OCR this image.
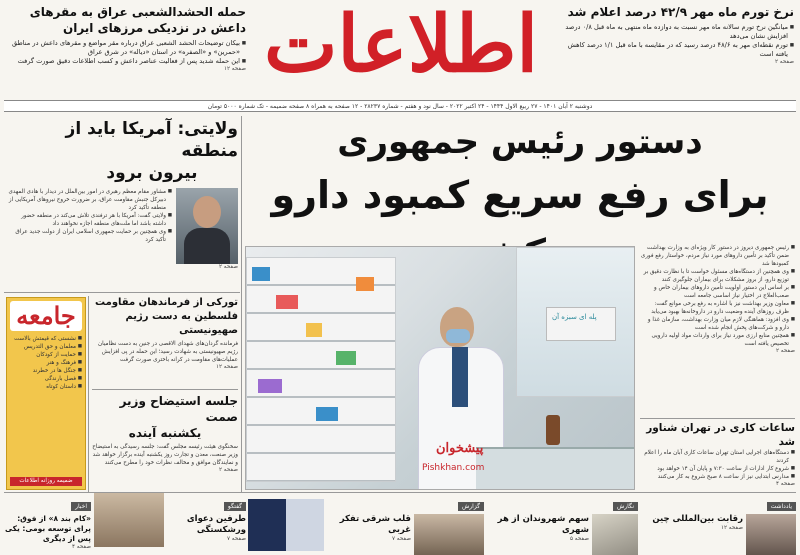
اطلاعات	نرخ تورم ماه مهر ۴۲/۹ درصد اعلام شد
■ میانگین نرخ تورم سالانه ماه مهر نسبت به دوازده ماه منتهی به ماه قبل ۰/۸ درصد افزایش نشان می‌دهد
■ تورم نقطه‌ای مهر به ۴۸/۶ درصد رسید که در مقایسه با ماه قبل ۱/۱ درصد کاهش یافته است
صفحه ۲
حمله الحشدالشعبی عراق به مقرهای داعش در نزدیکی مرزهای ایران
■ بیکان توضیحات الحشد الشعبی عراق درباره مقر مواضع و مقرهای داعش در مناطق «حمرین» و «الصفره» در استان «دیاله» در شرق عراق
■ این حمله شدید پس از فعالیت عناصر داعش و کسب اطلاعات دقیق صورت گرفت
صفحه ۱۲
دوشنبه ۲ آبان ۱۴۰۱ - ۲۷ ربیع الاول ۱۴۴۴ - ۲۴ اکتبر ۲۰۲۲ - سال نود و هفتم - شماره ۲۸۲۳۷ - ۱۲ صفحه به همراه ۸ صفحه ضمیمه - تک شماره ۵۰۰۰ تومان
دستور رئیس جمهوری
برای رفع سریع کمبود دارو
■ رئیس جمهوری دیروز در دستور کار ویژه‌ای به وزارت بهداشت ضمن تأکید بر تأمین داروهای مورد نیاز مردم، خواستار رفع فوری کمبودها شد
■ وی همچنین از دستگاه‌های مسئول خواست تا با نظارت دقیق بر توزیع دارو، از بروز مشکلات برای بیماران جلوگیری کنند
■ بر اساس این دستور اولویت تأمین داروهای بیماران خاص و صعب‌العلاج در اختیار نیاز اساسی جامعه است
■ معاون وزیر بهداشت نیز با اشاره به رفع برخی موانع گفت: ظرف روزهای آینده وضعیت دارو در داروخانه‌ها بهبود می‌یابد
■ وی افزود: هماهنگی لازم میان وزارت بهداشت، سازمان غذا و دارو و شرکت‌های پخش انجام شده است
■ همچنین منابع ارزی مورد نیاز برای واردات مواد اولیه دارویی تخصیص یافته است
صفحه ۲
پله ای سبزه آن
پیشخوان
Pishkhan.com
ولایتی: آمریکا باید از منطقه
بیرون برود
■ مشاور مقام معظم رهبری در امور بین‌الملل در دیدار با هادی المهدی دبیرکل جنبش مقاومت عراق، بر ضرورت خروج نیروهای آمریکایی از منطقه تأکید کرد
■ ولایتی گفت: آمریکا با هر ترفندی تلاش می‌کند در منطقه حضور داشته باشد اما ملت‌های منطقه اجازه نخواهند داد
■ وی همچنین بر حمایت جمهوری اسلامی ایران از دولت جدید عراق تأکید کرد
صفحه ۲
جامعه
■ نشستی که قیمتش بالاست
■ معلمان و حق التدریس
■ حمایت از کودکان
■ فرهنگ و هنر
■ جنگل ها در خطرند
■ فصل بارندگی
■ داستان کوتاه
ضمیمه روزانه اطلاعات
تورکی از فرماندهان مقاومت
فلسطین به دست رژیم صهیونیستی
فرمانده گردان‌های شهدای الاقصی در جنین به دست نظامیان رژیم صهیونیستی به شهادت رسید؛ این حمله در پی افزایش عملیات‌های مقاومت در کرانه باختری صورت گرفت
صفحه ۱۲
جلسه استیضاح وزیر صمت
یکشنبه آینده
سخنگوی هیئت رئیسه مجلس گفت: جلسه رسیدگی به استیضاح وزیر صنعت، معدن و تجارت روز یکشنبه آینده برگزار خواهد شد و نمایندگان موافق و مخالف نظرات خود را مطرح می‌کنند
صفحه ۲
ساعات کاری در تهران شناور شد
■ دستگاه‌های اجرایی استان تهران ساعات کاری آبان ماه را اعلام کردند
■ شروع کار ادارات از ساعت ۷:۳۰ و پایان آن ۱۴ خواهد بود
■ مدارس ابتدایی نیز از ساعت ۸ صبح شروع به کار می‌کنند
صفحه ۴
یادداشت
رقابت بین‌المللی چین
صفحه ۱۲
نگارش
سهم شهروندان از هر شهری
صفحه ۵
گزارش
قلب شرقی تفکر غربی
صفحه ۷
گفتگو
طرفین دعوای ورشکستگی
صفحه ۷
اخبار
«کام بند ۸» از فوق: پرای توسعه بومی: یکی پس از دیگری
صفحه ۴
